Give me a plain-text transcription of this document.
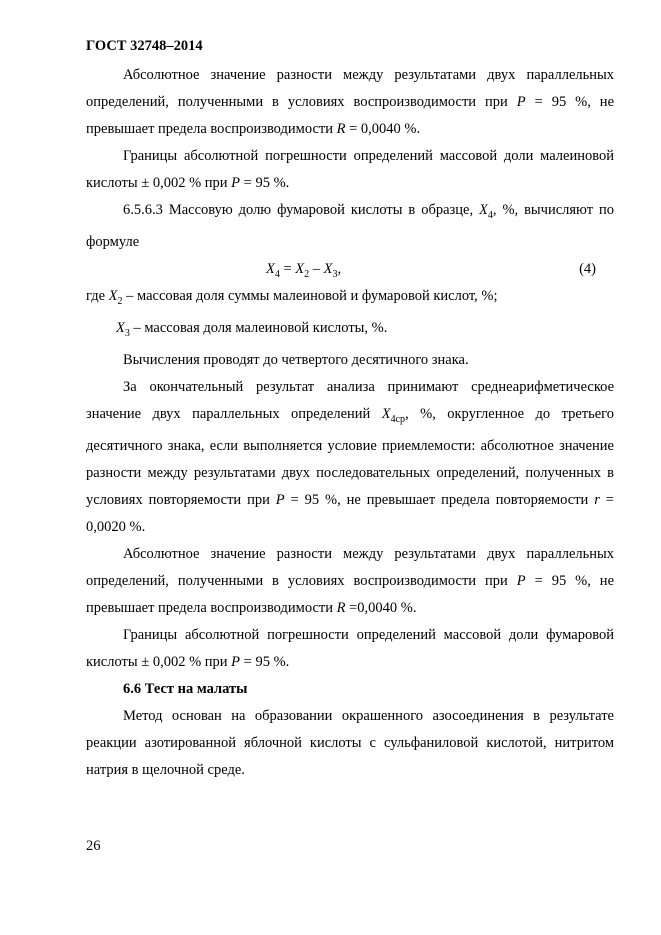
ГОСТ 32748–2014

Абсолютное значение разности между результатами двух параллельных определений, полученными в условиях воспроизводимости при P = 95 %, не превышает предела воспроизводимости R = 0,0040 %.

Границы абсолютной погрешности определений массовой доли малеиновой кислоты ± 0,002 % при P = 95 %.

6.5.6.3 Массовую долю фумаровой кислоты в образце, $X_4$, %, вычисляют по формуле

$X_4 = X_2 - X_3$,	(4)

где $X_2$ – массовая доля суммы малеиновой и фумаровой кислот, %;

$X_3$ – массовая доля малеиновой кислоты, %.

Вычисления проводят до четвертого десятичного знака.

За окончательный результат анализа принимают среднеарифметическое значение двух параллельных определений $X_{4ср}$, %, округленное до третьего десятичного знака, если выполняется условие приемлемости: абсолютное значение разности между результатами двух последовательных определений, полученных в условиях повторяемости при P = 95 %, не превышает предела повторяемости r = 0,0020 %.

Абсолютное значение разности между результатами двух параллельных определений, полученными в условиях воспроизводимости при P = 95 %, не превышает предела воспроизводимости R =0,0040 %.

Границы абсолютной погрешности определений массовой доли фумаровой кислоты ± 0,002 % при P = 95 %.

6.6 Тест на малаты

Метод основан на образовании окрашенного азосоединения в результате реакции азотированной яблочной кислоты с сульфаниловой кислотой, нитритом натрия в щелочной среде.

26
